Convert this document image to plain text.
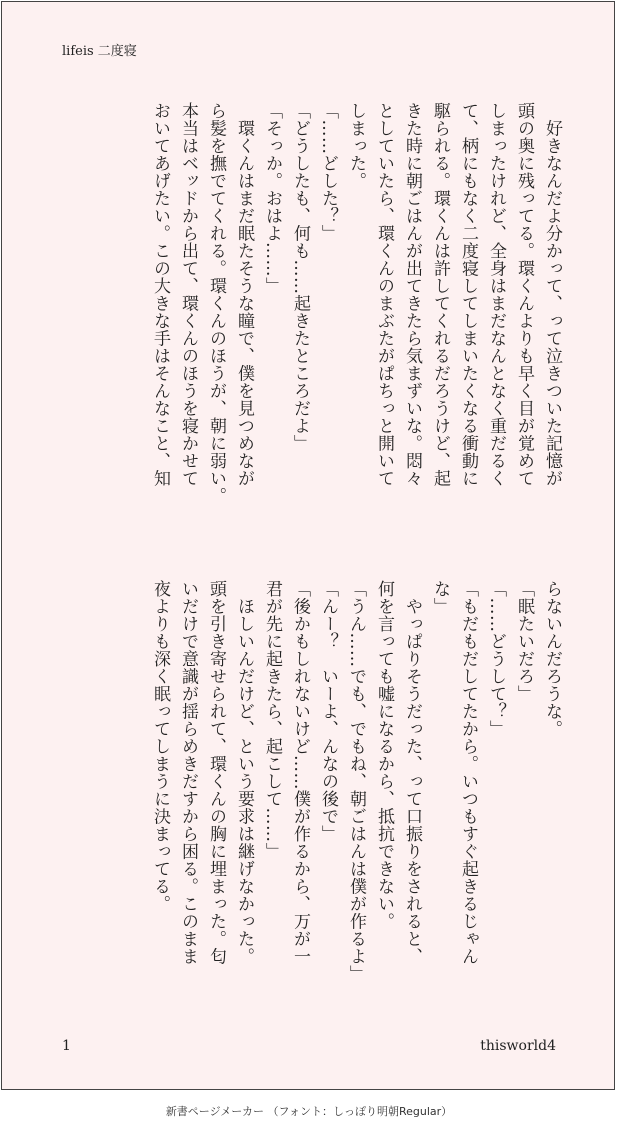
lifeis 二度寝

　好きなんだよ分かって、って泣きついた記憶が

頭の奥に残ってる。環くんよりも早く目が覚めて

しまったけれど、全身はまだなんとなく重だるく

て、柄にもなく二度寝してしまいたくなる衝動に

駆られる。環くんは許してくれるだろうけど、起

きた時に朝ごはんが出てきたら気まずいな。悶々

としていたら、環くんのまぶたがぱちっと開いて

しまった。

「……どした？」

「どうしたも、何も……起きたところだよ」

「そっか。おはよ……」

　環くんはまだ眠たそうな瞳で、僕を見つめなが

ら髪を撫でてくれる。環くんのほうが、朝に弱い。

本当はベッドから出て、環くんのほうを寝かせて

おいてあげたい。この大きな手はそんなこと、知

らないんだろうな。

「眠たいだろ」

「……どうして？」

「もだもだしてたから。いつもすぐ起きるじゃん

な」

　やっぱりそうだった、って口振りをされると、

何を言っても嘘になるから、抵抗できない。

「うん……でも、でもね、朝ごはんは僕が作るよ」

「んー？　いーよ、んなの後で」

「後かもしれないけど……僕が作るから、万が一

君が先に起きたら、起こして……」

　ほしいんだけど、という要求は継げなかった。

頭を引き寄せられて、環くんの胸に埋まった。匂

いだけで意識が揺らめきだすから困る。このまま

夜よりも深く眠ってしまうに決まってる。

1	thisworld4
新書ページメーカー （フォント：しっぽり明朝Regular）
